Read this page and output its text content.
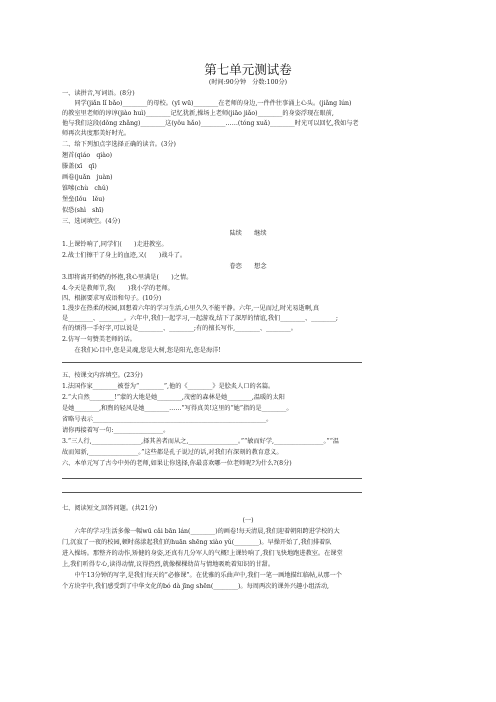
第七单元测试卷
(时间:90分钟　分数:100分)
一、读拼音,写词语。(8分)
　　同学(jiǎn lǐ bǎo)________的母校。(yī wū)________在老师的身边,一件件往事涌上心头。(jiǎng lún)
的教室里老师的谆谆(jiào huì)________记忆犹新,操场上老师(jiāo jiǎo)________的身姿浮现在眼前,
他与我们这段(dǒng zhǎng)________这(yǒu hǎo)________……(tóng xuǎ)________时光可以回忆,我如与老
师再次共度那美好时光。
二、给下列加点字选择正确的读音。(3分)
翘首(qiáo　qiào)
滕盖(xī　qī)
画卷(juǎn　juàn)
锥嗦(chù　chǔ)
堡垒(lǒu　lěu)
似恐(shì　shī)
三、选词填空。(4分)
陆续　　继续
1.上课铃响了,同学们(　　)走进教室。
2.战士们擦干了身上的血迹,又(　　)战斗了。
眷恋　　想念
3.即将离开奶奶的怀抱,我心里满是(　　)之情。
4.今天是教师节,我(　　)我小学的老师。
四、根据要求写成语和句子。(10分)
1.漫步在热柔的校园,回想着六年的学习生活,心里久久不能平静。六年,一见而过,时光易逝啊,真
是________、________。六年中,我们一起学习,一起游戏,结下了深厚的情谊,我们________、________;
有的烦得一手好字,可以说是________、________;有的擅长写作,________、________。
2.仿写一句赞美老师的话。
　　在我们心目中,您是灵魂,您是大树,您是阳光,您是海洋!
五、按课文内容填空。(23分)
1.法国作家________被誉为“________”,他的《________》是脍炙人口的名篇。
2.“大自然________!”蒙的大地是她________,茂密的森林是她________,温暖的太阳
是她________,和煦的轻风是她________……”写得真美!这里的“她”指的是________。
省略号表示________________________________________________________。
请你再接着写一句:________________。
3.“三人行,________________,择其善者而从之,________________。”“敏而好学,________________。”“温
故而知新,________________。”这些都是孔子说过的话,对我们有深刻的教育意义。
六、本单元写了古今中外的老师,如果让你选择,你最喜欢哪一位老师呢?为什么?(8分)
七、阅读短文,回答问题。(共21分)
(一)
　　六年的学习生活多像一幅wū cǎi bān lán(________)的画卷!每天清晨,我们迎着朝阳跨进学校的大
门,沉寂了一夜的校园,顿时荡漾起我们的huān shēng xiào yǔ(________)。早操开始了,我们排着队
进入操场。那整齐的动作,矫健的身姿,还真有几分军人的气概!上课铃响了,我们飞快地跑进教室。在课堂
上,我们听得专心,读得动情,议得热烈,就像棵棵幼苗与情地吸吮着知识的甘甜。
　　中午13分钟的写字,是我们每天的“必修课”。在优雅的乐曲声中,我们一笔一画地描红临帖,从那一个
个方块字中,我们感受到了中华文化的bó dà jīng shēn(________)。每周两次的课外兴趣小组活动,
